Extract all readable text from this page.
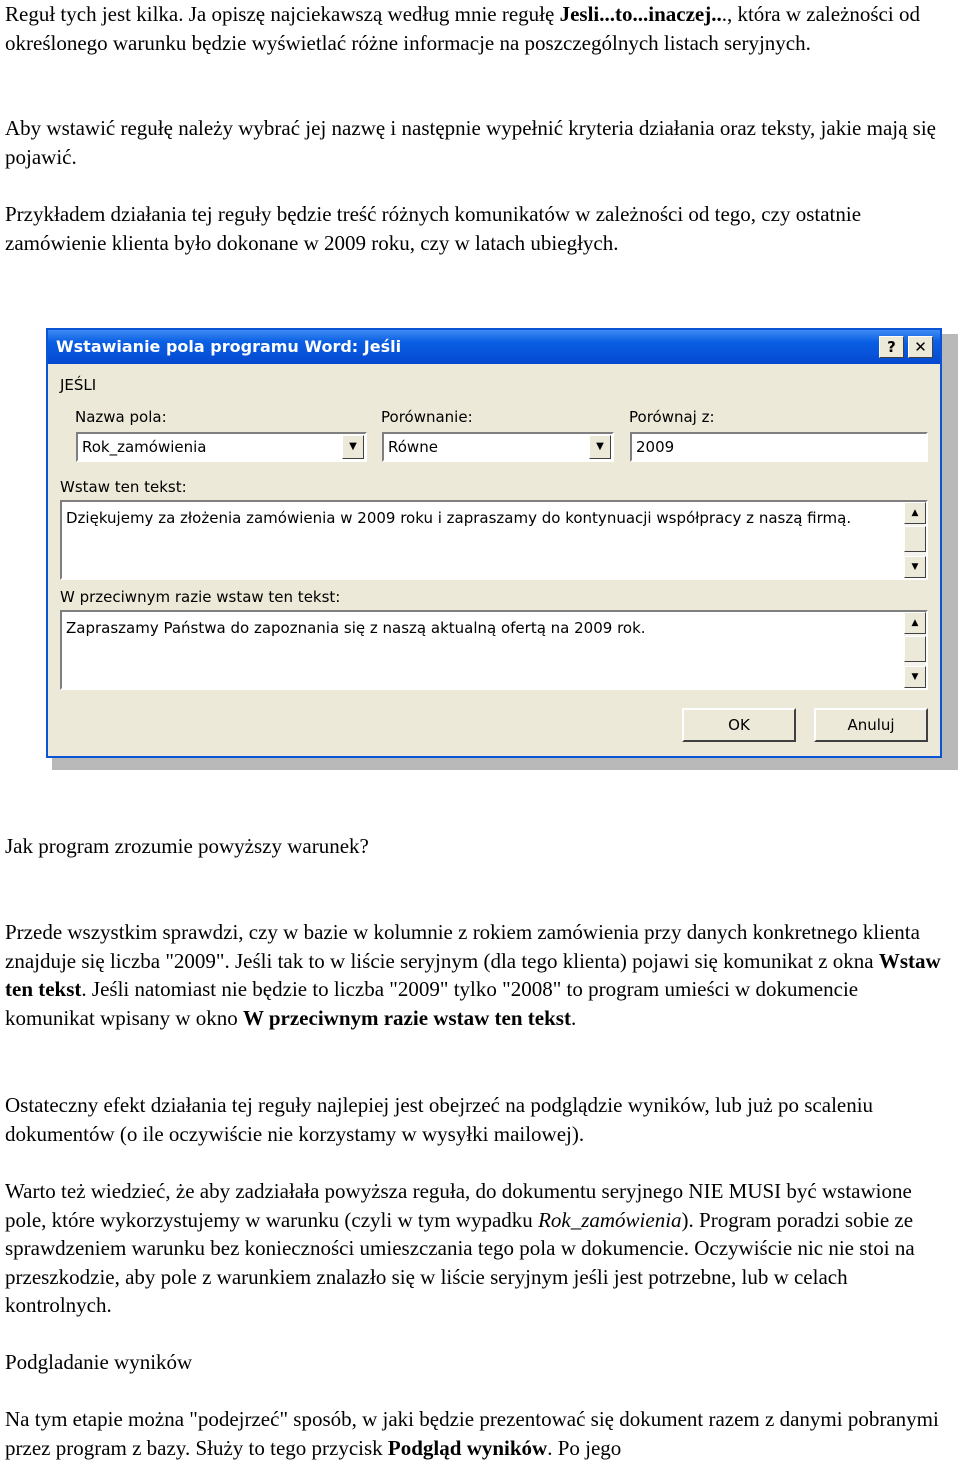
Reguł tych jest kilka. Ja opiszę najciekawszą według mnie regułę Jesli...to...inaczej..., która w zależności od określonego warunku będzie wyświetlać różne informacje na poszczególnych listach seryjnych.

Aby wstawić regułę należy wybrać jej nazwę i następnie wypełnić kryteria działania oraz teksty, jakie mają się pojawić.

Przykładem działania tej reguły będzie treść różnych komunikatów w zależności od tego, czy ostatnie zamówienie klienta było dokonane w 2009 roku, czy w latach ubiegłych.

Wstawianie pola programu Word: Jeśli	?	✕
JEŚLI
Nazwa pola:
Rok_zamówienia	▼
Porównanie:
Równe	▼
Porównaj z:
2009
Wstaw ten tekst:
Dziękujemy za złożenia zamówienia w 2009 roku i zapraszamy do kontynuacji współpracy z naszą firmą.	▲
▼
W przeciwnym razie wstaw ten tekst:
Zapraszamy Państwa do zapoznania się z naszą aktualną ofertą na 2009 rok.	▲
▼
OK	Anuluj

Jak program zrozumie powyższy warunek?

Przede wszystkim sprawdzi, czy w bazie w kolumnie z rokiem zamówienia przy danych konkretnego klienta znajduje się liczba "2009". Jeśli tak to w liście seryjnym (dla tego klienta) pojawi się komunikat z okna Wstaw ten tekst. Jeśli natomiast nie będzie to liczba "2009" tylko "2008" to program umieści w dokumencie komunikat wpisany w okno W przeciwnym razie wstaw ten tekst.

Ostateczny efekt działania tej reguły najlepiej jest obejrzeć na podglądzie wyników, lub już po scaleniu dokumentów (o ile oczywiście nie korzystamy w wysyłki mailowej).

Warto też wiedzieć, że aby zadziałała powyższa reguła, do dokumentu seryjnego NIE MUSI być wstawione pole, które wykorzystujemy w warunku (czyli w tym wypadku Rok_zamówienia). Program poradzi sobie ze sprawdzeniem warunku bez konieczności umieszczania tego pola w dokumencie. Oczywiście nic nie stoi na przeszkodzie, aby pole z warunkiem znalazło się w liście seryjnym jeśli jest potrzebne, lub w celach kontrolnych.

Podgladanie wyników

Na tym etapie można "podejrzeć" sposób, w jaki będzie prezentować się dokument razem z danymi pobranymi przez program z bazy. Służy to tego przycisk Podgląd wyników. Po jego
